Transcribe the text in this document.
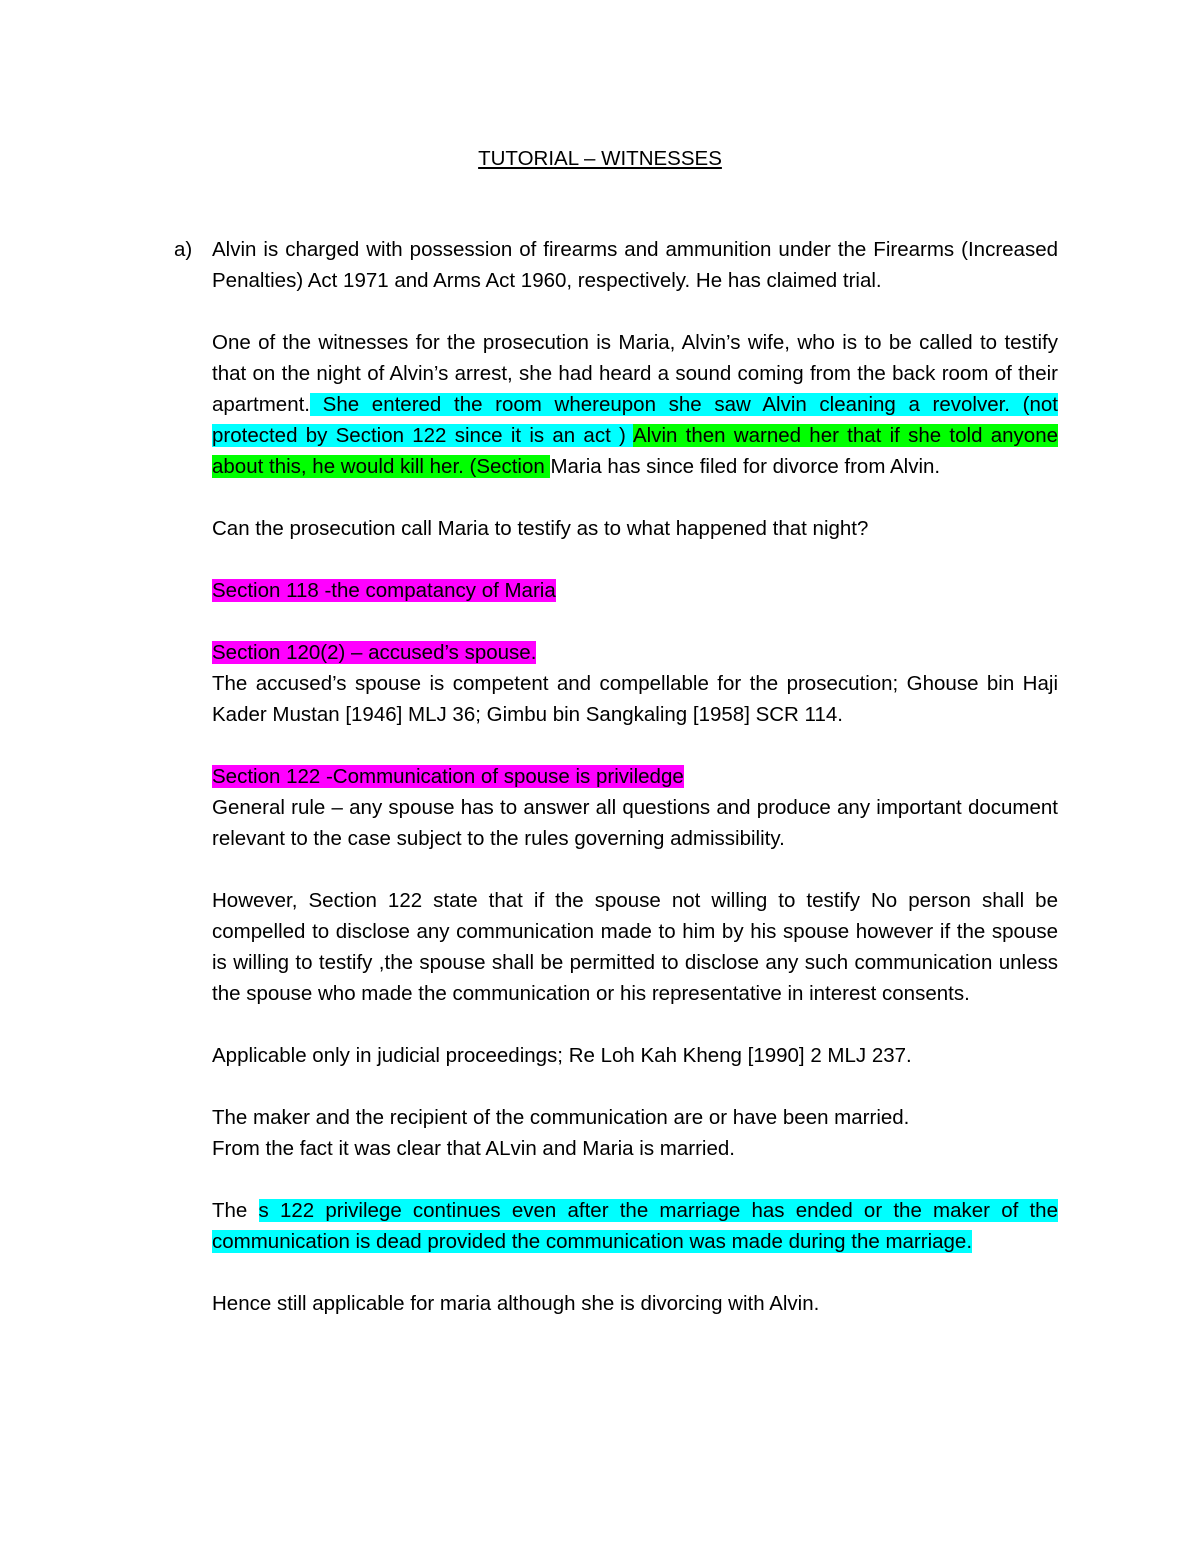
TUTORIAL – WITNESSES
a) Alvin is charged with possession of firearms and ammunition under the Firearms (Increased Penalties) Act 1971 and Arms Act 1960, respectively. He has claimed trial.

One of the witnesses for the prosecution is Maria, Alvin’s wife, who is to be called to testify that on the night of Alvin’s arrest, she had heard a sound coming from the back room of their apartment. She entered the room whereupon she saw Alvin cleaning a revolver. (not protected by Section 122 since it is an act ) Alvin then warned her that if she told anyone about this, he would kill her. (Section Maria has since filed for divorce from Alvin.

Can the prosecution call Maria to testify as to what happened that night?

Section 118 -the compatancy of Maria

Section 120(2) – accused’s spouse.

The accused’s spouse is competent and compellable for the prosecution; Ghouse bin Haji Kader Mustan [1946] MLJ 36; Gimbu bin Sangkaling [1958] SCR 114.

Section 122 -Communication of spouse is priviledge

General rule – any spouse has to answer all questions and produce any important document relevant to the case subject to the rules governing admissibility.

However, Section 122 state that if the spouse not willing to testify No person shall be compelled to disclose any communication made to him by his spouse however if the spouse is willing to testify ,the spouse shall be permitted to disclose any such communication unless the spouse who made the communication or his representative in interest consents.

Applicable only in judicial proceedings; Re Loh Kah Kheng [1990] 2 MLJ 237.

The maker and the recipient of the communication are or have been married.

From the fact it was clear that ALvin and Maria is married.

The s 122 privilege continues even after the marriage has ended or the maker of the communication is dead provided the communication was made during the marriage.

Hence still applicable for maria although she is divorcing with Alvin.
